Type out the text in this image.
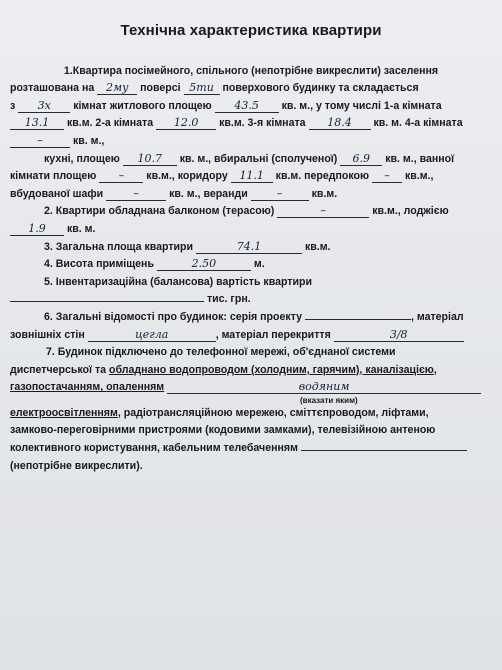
Технічна характеристика квартири
1.Квартира посімейного, спільного (непотрібне викреслити) заселення
розташована на 2му поверсі 5ти поверхового будинку та складається
з 3х кімнат житлового площею 43.5 кв. м., у тому числі 1-а кімната
13.1 кв.м. 2-а кімната 12.0 кв.м. 3-я кімната 18.4 кв. м. 4-а кімната
–	кв. м.,
кухні, площею 10.7 кв. м., вбиральні (сполученої) 6.9 кв. м., ванної
кімнати площею – кв.м., коридору 11.1 кв.м. передпокою – кв.м.,
вбудованої шафи	–	кв. м., веранди	–	кв.м.
2. Квартири обладнана балконом (терасою)	–	кв.м., лоджією
1.9 кв. м.
3. Загальна площа квартири	74.1	кв.м.
4. Висота приміщень	2.50	м.
5. Інвентаризаційна (балансова) вартість квартири
тис. грн.
6. Загальні відомості про будинок: серія проекту	, матеріал
зовнішніх стін	цегла	, матеріал перекриття	3/8
7. Будинок підключено до телефонної мережі, об'єднаної системи
диспетчерської та обладнано водопроводом (холодним, гарячим), каналізацією,
газопостачанням, опаленням	водяним
(вказати яким)
електроосвітленням, радіотрансляційною мережею, сміттєпроводом, ліфтами,
замково-переговірними пристроями (кодовими замками), телевізійною антеною
колективного користування, кабельним телебаченням
(непотрібне викреслити).
